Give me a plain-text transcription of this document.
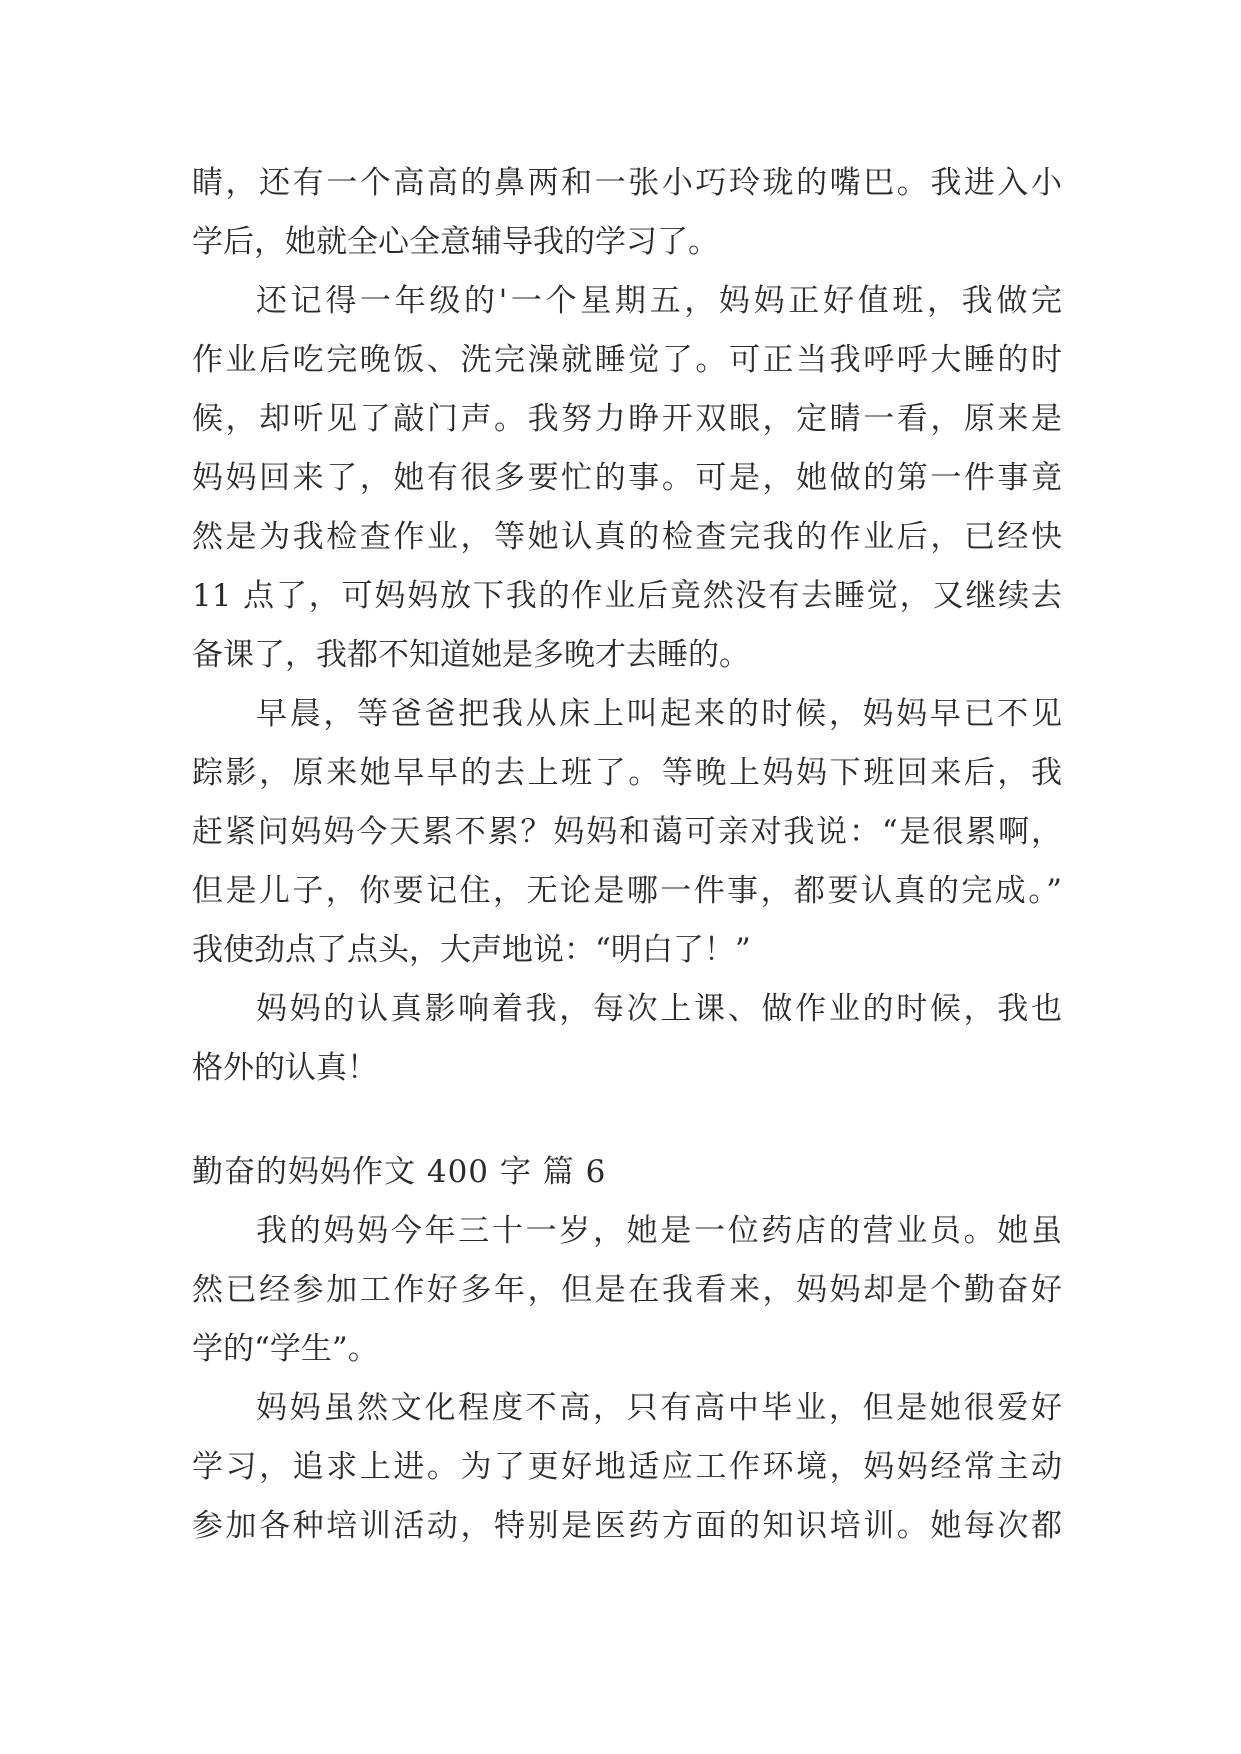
睛，还有一个高高的鼻两和一张小巧玲珑的嘴巴。我进入小
学后，她就全心全意辅导我的学习了。
还记得一年级的'一个星期五，妈妈正好值班，我做完
作业后吃完晚饭、洗完澡就睡觉了。可正当我呼呼大睡的时
候，却听见了敲门声。我努力睁开双眼，定睛一看，原来是
妈妈回来了，她有很多要忙的事。可是，她做的第一件事竟
然是为我检查作业，等她认真的检查完我的作业后，已经快
11 点了，可妈妈放下我的作业后竟然没有去睡觉，又继续去
备课了，我都不知道她是多晚才去睡的。
早晨，等爸爸把我从床上叫起来的时候，妈妈早已不见
踪影，原来她早早的去上班了。等晚上妈妈下班回来后，我
赶紧问妈妈今天累不累？妈妈和蔼可亲对我说：“是很累啊，
但是儿子，你要记住，无论是哪一件事，都要认真的完成。”
我使劲点了点头，大声地说：“明白了！”
妈妈的认真影响着我，每次上课、做作业的时候，我也
格外的认真！
勤奋的妈妈作文 400 字 篇 6
我的妈妈今年三十一岁，她是一位药店的营业员。她虽
然已经参加工作好多年，但是在我看来，妈妈却是个勤奋好
学的“学生”。
妈妈虽然文化程度不高，只有高中毕业，但是她很爱好
学习，追求上进。为了更好地适应工作环境，妈妈经常主动
参加各种培训活动，特别是医药方面的知识培训。她每次都
